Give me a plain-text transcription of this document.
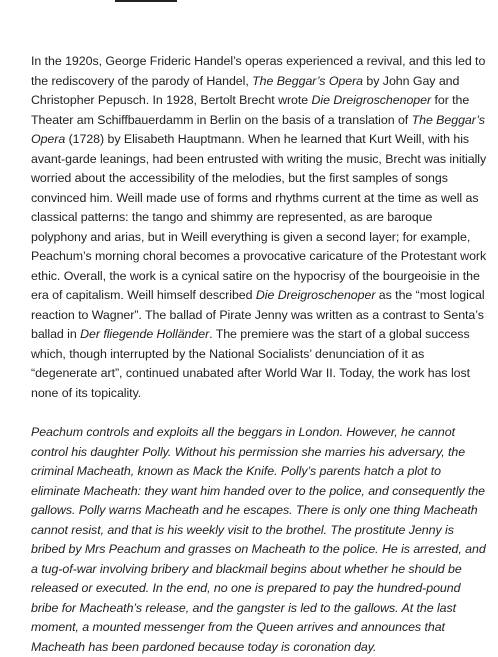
In the 1920s, George Frideric Handel’s operas experienced a revival, and this led to the rediscovery of the parody of Handel, The Beggar’s Opera by John Gay and Christopher Pepusch. In 1928, Bertolt Brecht wrote Die Dreigroschenoper for the Theater am Schiffbauerdamm in Berlin on the basis of a translation of The Beggar’s Opera (1728) by Elisabeth Hauptmann. When he learned that Kurt Weill, with his avant-garde leanings, had been entrusted with writing the music, Brecht was initially worried about the accessibility of the melodies, but the first samples of songs convinced him. Weill made use of forms and rhythms current at the time as well as classical patterns: the tango and shimmy are represented, as are baroque polyphony and arias, but in Weill everything is given a second layer; for example, Peachum’s morning choral becomes a provocative caricature of the Protestant work ethic. Overall, the work is a cynical satire on the hypocrisy of the bourgeoisie in the era of capitalism. Weill himself described Die Dreigroschenoper as the “most logical reaction to Wagner”. The ballad of Pirate Jenny was written as a contrast to Senta’s ballad in Der fliegende Holländer. The premiere was the start of a global success which, though interrupted by the National Socialists’ denunciation of it as “degenerate art”, continued unabated after World War II. Today, the work has lost none of its topicality.

Peachum controls and exploits all the beggars in London. However, he cannot control his daughter Polly. Without his permission she marries his adversary, the criminal Macheath, known as Mack the Knife. Polly’s parents hatch a plot to eliminate Macheath: they want him handed over to the police, and consequently the gallows. Polly warns Macheath and he escapes. There is only one thing Macheath cannot resist, and that is his weekly visit to the brothel. The prostitute Jenny is bribed by Mrs Peachum and grasses on Macheath to the police. He is arrested, and a tug-of-war involving bribery and blackmail begins about whether he should be released or executed. In the end, no one is prepared to pay the hundred-pound bribe for Macheath’s release, and the gangster is led to the gallows. At the last moment, a mounted messenger from the Queen arrives and announces that Macheath has been pardoned because today is coronation day.
